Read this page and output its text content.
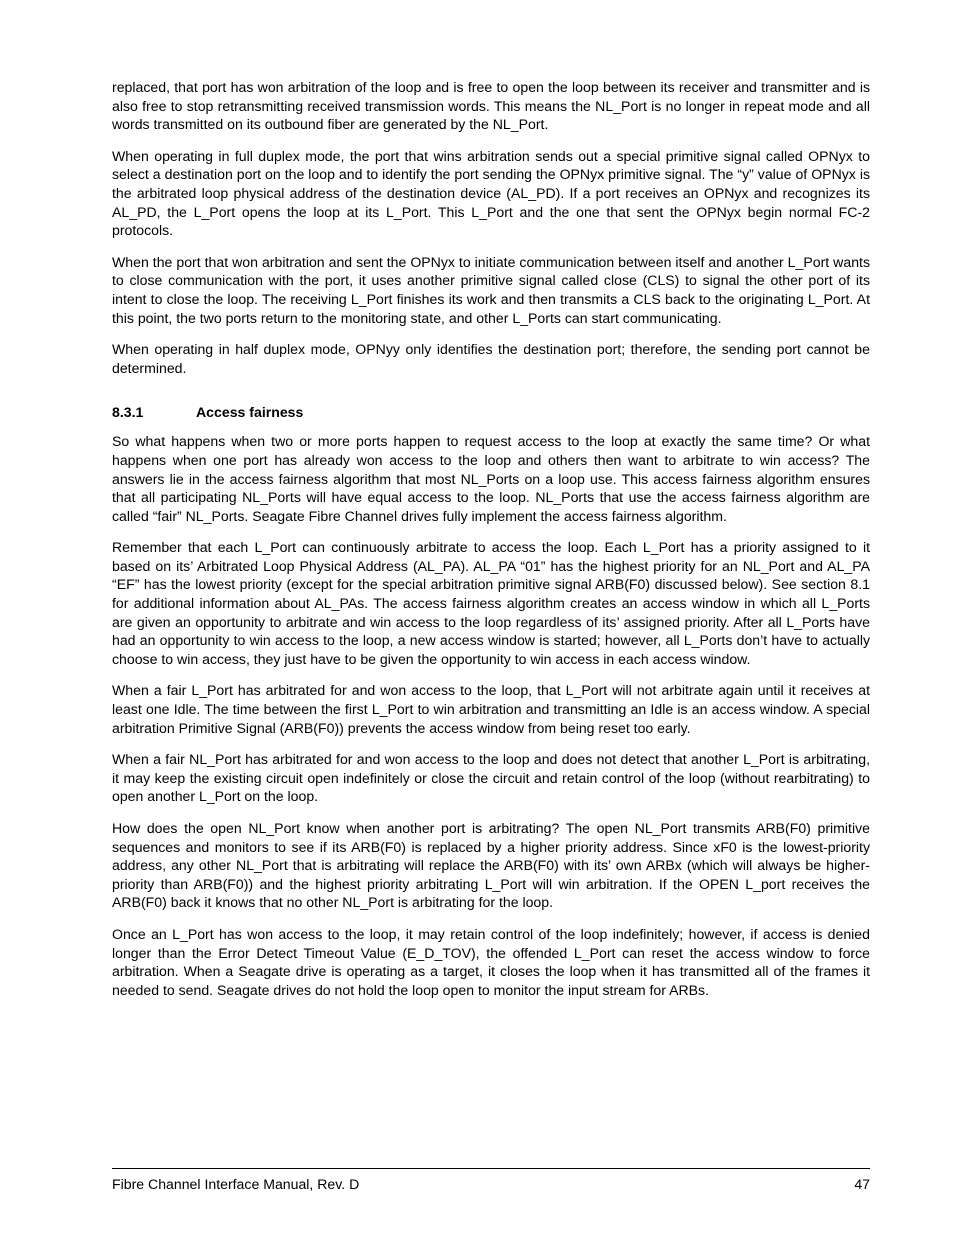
replaced, that port has won arbitration of the loop and is free to open the loop between its receiver and transmitter and is also free to stop retransmitting received transmission words. This means the NL_Port is no longer in repeat mode and all words transmitted on its outbound fiber are generated by the NL_Port.

When operating in full duplex mode, the port that wins arbitration sends out a special primitive signal called OPNyx to select a destination port on the loop and to identify the port sending the OPNyx primitive signal. The “y” value of OPNyx is the arbitrated loop physical address of the destination device (AL_PD). If a port receives an OPNyx and recognizes its AL_PD, the L_Port opens the loop at its L_Port. This L_Port and the one that sent the OPNyx begin normal FC-2 protocols.

When the port that won arbitration and sent the OPNyx to initiate communication between itself and another L_Port wants to close communication with the port, it uses another primitive signal called close (CLS) to signal the other port of its intent to close the loop. The receiving L_Port finishes its work and then transmits a CLS back to the originating L_Port. At this point, the two ports return to the monitoring state, and other L_Ports can start communicating.

When operating in half duplex mode, OPNyy only identifies the destination port; therefore, the sending port cannot be determined.

8.3.1	Access fairness

So what happens when two or more ports happen to request access to the loop at exactly the same time? Or what happens when one port has already won access to the loop and others then want to arbitrate to win access? The answers lie in the access fairness algorithm that most NL_Ports on a loop use. This access fairness algorithm ensures that all participating NL_Ports will have equal access to the loop. NL_Ports that use the access fairness algorithm are called “fair” NL_Ports. Seagate Fibre Channel drives fully implement the access fairness algorithm.

Remember that each L_Port can continuously arbitrate to access the loop. Each L_Port has a priority assigned to it based on its’ Arbitrated Loop Physical Address (AL_PA). AL_PA “01” has the highest priority for an NL_Port and AL_PA “EF” has the lowest priority (except for the special arbitration primitive signal ARB(F0) discussed below). See section 8.1 for additional information about AL_PAs. The access fairness algorithm creates an access window in which all L_Ports are given an opportunity to arbitrate and win access to the loop regardless of its’ assigned priority. After all L_Ports have had an opportunity to win access to the loop, a new access window is started; however, all L_Ports don’t have to actually choose to win access, they just have to be given the opportunity to win access in each access window.

When a fair L_Port has arbitrated for and won access to the loop, that L_Port will not arbitrate again until it receives at least one Idle. The time between the first L_Port to win arbitration and transmitting an Idle is an access window. A special arbitration Primitive Signal (ARB(F0)) prevents the access window from being reset too early.

When a fair NL_Port has arbitrated for and won access to the loop and does not detect that another L_Port is arbitrating, it may keep the existing circuit open indefinitely or close the circuit and retain control of the loop (without rearbitrating) to open another L_Port on the loop.

How does the open NL_Port know when another port is arbitrating? The open NL_Port transmits ARB(F0) primitive sequences and monitors to see if its ARB(F0) is replaced by a higher priority address. Since xF0 is the lowest-priority address, any other NL_Port that is arbitrating will replace the ARB(F0) with its’ own ARBx (which will always be higher-priority than ARB(F0)) and the highest priority arbitrating L_Port will win arbitration. If the OPEN L_port receives the ARB(F0) back it knows that no other NL_Port is arbitrating for the loop.

Once an L_Port has won access to the loop, it may retain control of the loop indefinitely; however, if access is denied longer than the Error Detect Timeout Value (E_D_TOV), the offended L_Port can reset the access window to force arbitration. When a Seagate drive is operating as a target, it closes the loop when it has transmitted all of the frames it needed to send. Seagate drives do not hold the loop open to monitor the input stream for ARBs.

Fibre Channel Interface Manual, Rev. D	47
